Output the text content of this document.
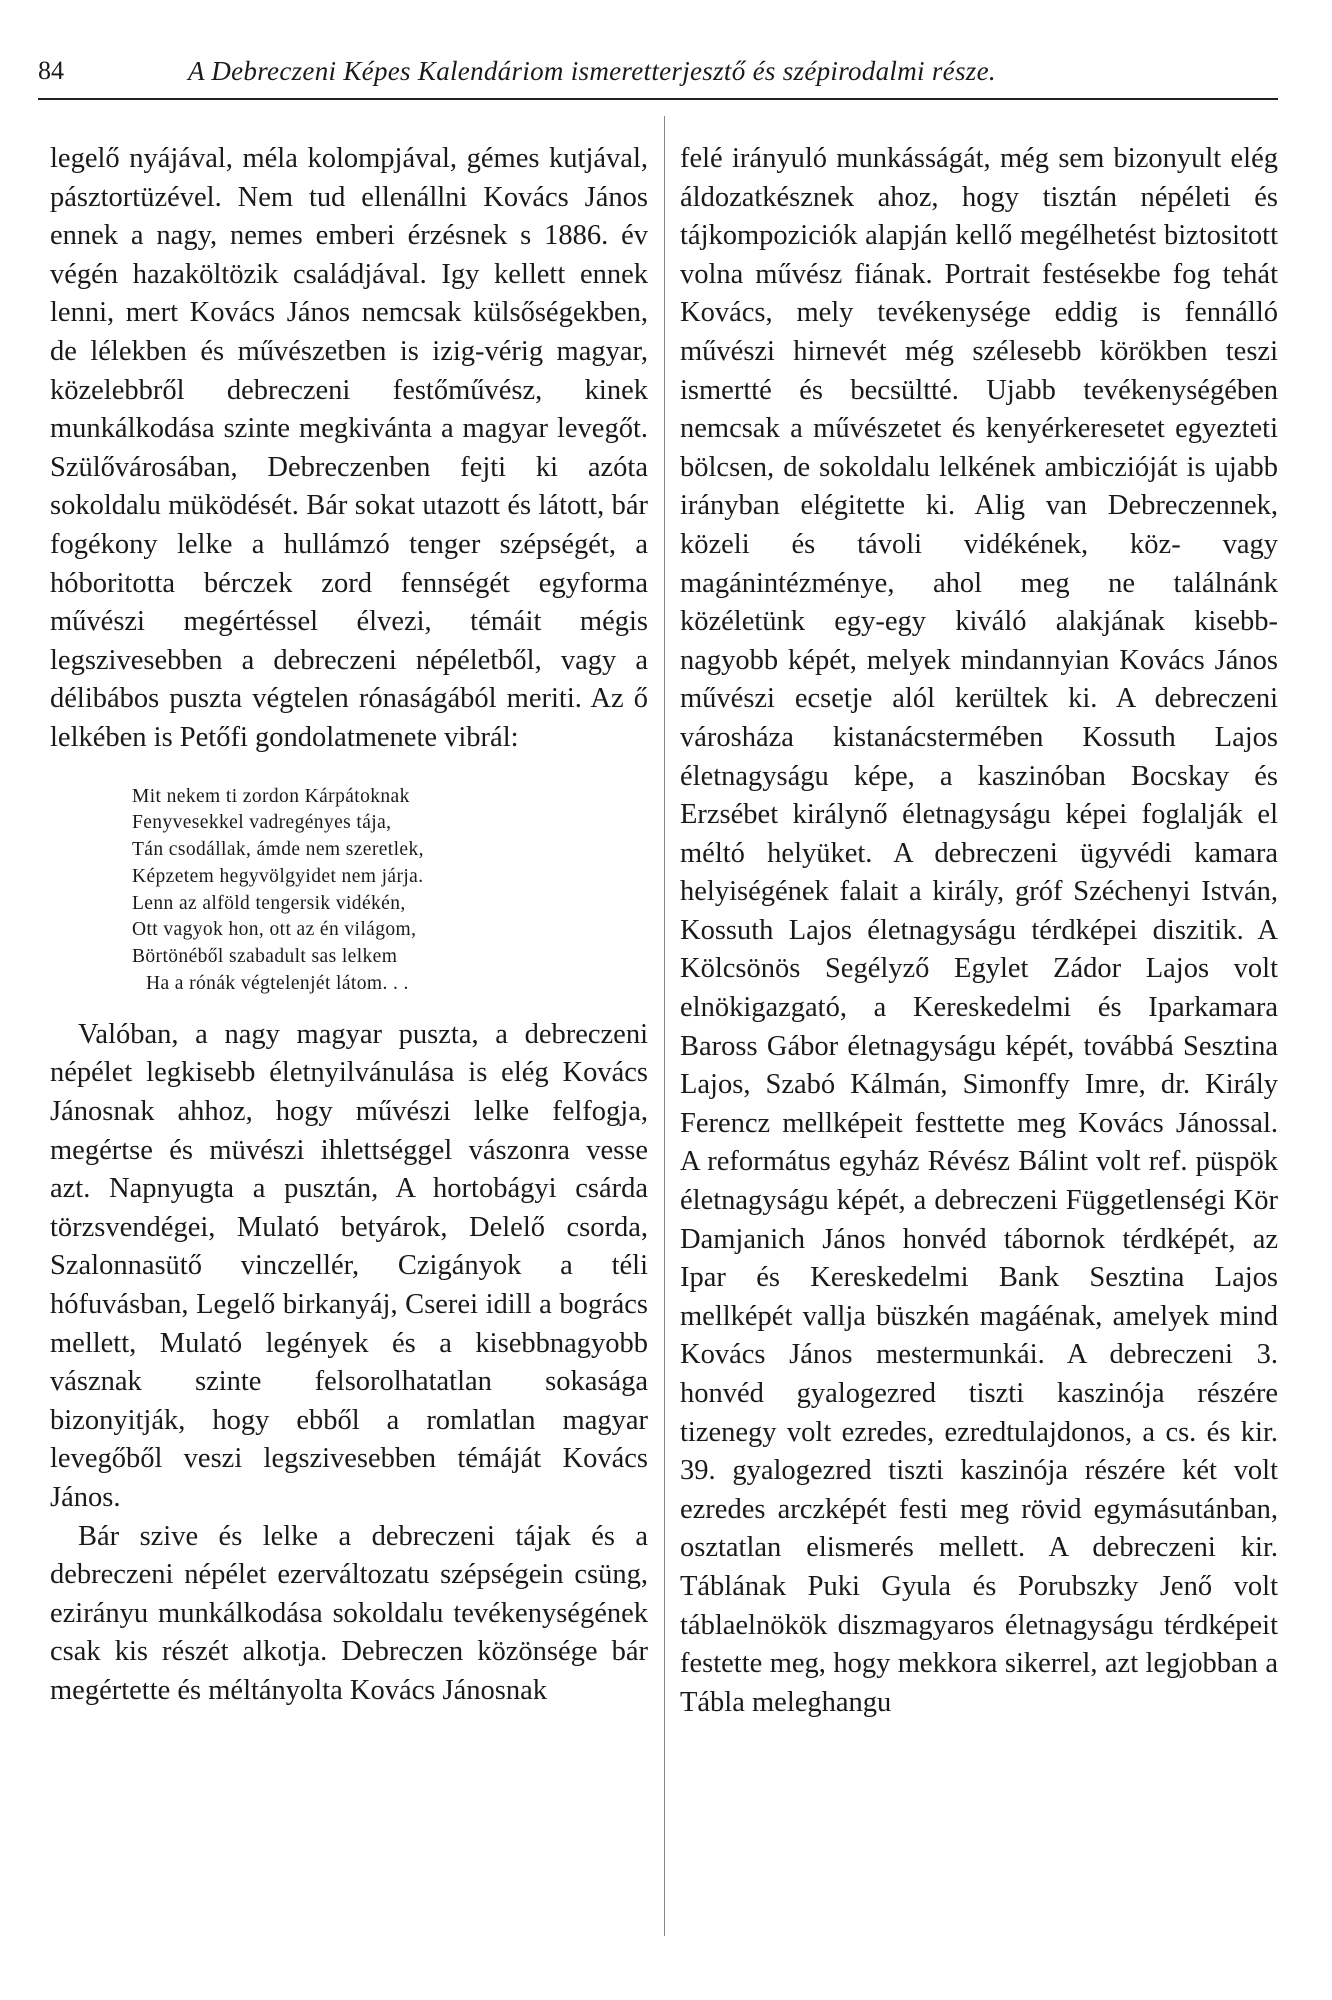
84	A Debreczeni Képes Kalendáriom ismeretterjesztő és szépirodalmi része.

legelő nyájával, méla kolompjával, gémes kutjával, pásztortüzével. Nem tud ellenállni Kovács János ennek a nagy, nemes emberi érzésnek s 1886. év végén hazaköltözik családjával. Igy kellett ennek lenni, mert Kovács János nemcsak külsőségekben, de lélekben és művészetben is izig-vérig magyar, közelebbről debreczeni festőművész, kinek munkálkodása szinte megkivánta a magyar levegőt. Szülővárosában, Debreczenben fejti ki azóta sokoldalu müködését. Bár sokat utazott és látott, bár fogékony lelke a hullámzó tenger szépségét, a hóboritotta bérczek zord fennségét egyforma művészi megértéssel élvezi, témáit mégis legszivesebben a debreczeni népéletből, vagy a délibábos puszta végtelen rónaságából meriti. Az ő lelkében is Petőfi gondolatmenete vibrál:

Mit nekem ti zordon Kárpátoknak
Fenyvesekkel vadregényes tája,
Tán csodállak, ámde nem szeretlek,
Képzetem hegyvölgyidet nem járja.
Lenn az alföld tengersik vidékén,
Ott vagyok hon, ott az én világom,
Börtönéből szabadult sas lelkem
Ha a rónák végtelenjét látom. . .

Valóban, a nagy magyar puszta, a debreczeni népélet legkisebb életnyilvánulása is elég Kovács Jánosnak ahhoz, hogy művészi lelke felfogja, megértse és müvészi ihlettséggel vászonra vesse azt. Napnyugta a pusztán, A hortobágyi csárda törzsvendégei, Mulató betyárok, Delelő csorda, Szalonnasütő vinczellér, Czigányok a téli hófuvásban, Legelő birkanyáj, Cserei idill a bogrács mellett, Mulató legények és a kisebbnagyobb vásznak szinte felsorolhatatlan sokasága bizonyitják, hogy ebből a romlatlan magyar levegőből veszi legszivesebben témáját Kovács János.

Bár szive és lelke a debreczeni tájak és a debreczeni népélet ezerváltozatu szépségein csüng, ezirányu munkálkodása sokoldalu tevékenységének csak kis részét alkotja. Debreczen közönsége bár megértette és méltányolta Kovács Jánosnak

felé irányuló munkásságát, még sem bizonyult elég áldozatkésznek ahoz, hogy tisztán népéleti és tájkompoziciók alapján kellő megélhetést biztositott volna művész fiának. Portrait festésekbe fog tehát Kovács, mely tevékenysége eddig is fennálló művészi hirnevét még szélesebb körökben teszi ismertté és becsültté. Ujabb tevékenységében nemcsak a művészetet és kenyérkeresetet egyezteti bölcsen, de sokoldalu lelkének ambiczióját is ujabb irányban elégitette ki. Alig van Debreczennek, közeli és távoli vidékének, köz- vagy magánintézménye, ahol meg ne találnánk közéletünk egy-egy kiváló alakjának kisebb-nagyobb képét, melyek mindannyian Kovács János művészi ecsetje alól kerültek ki. A debreczeni városháza kistanácstermében Kossuth Lajos életnagyságu képe, a kaszinóban Bocskay és Erzsébet királynő életnagyságu képei foglalják el méltó helyüket. A debreczeni ügyvédi kamara helyiségének falait a király, gróf Széchenyi István, Kossuth Lajos életnagyságu térdképei diszitik. A Kölcsönös Segélyző Egylet Zádor Lajos volt elnökigazgató, a Kereskedelmi és Iparkamara Baross Gábor életnagyságu képét, továbbá Sesztina Lajos, Szabó Kálmán, Simonffy Imre, dr. Király Ferencz mellképeit festtette meg Kovács Jánossal. A református egyház Révész Bálint volt ref. püspök életnagyságu képét, a debreczeni Függetlenségi Kör Damjanich János honvéd tábornok térdképét, az Ipar és Kereskedelmi Bank Sesztina Lajos mellképét vallja büszkén magáénak, amelyek mind Kovács János mestermunkái. A debreczeni 3. honvéd gyalogezred tiszti kaszinója részére tizenegy volt ezredes, ezredtulajdonos, a cs. és kir. 39. gyalogezred tiszti kaszinója részére két volt ezredes arczképét festi meg rövid egymásutánban, osztatlan elismerés mellett. A debreczeni kir. Táblának Puki Gyula és Porubszky Jenő volt táblaelnökök diszmagyaros életnagyságu térdképeit festette meg, hogy mekkora sikerrel, azt legjobban a Tábla meleghangu
